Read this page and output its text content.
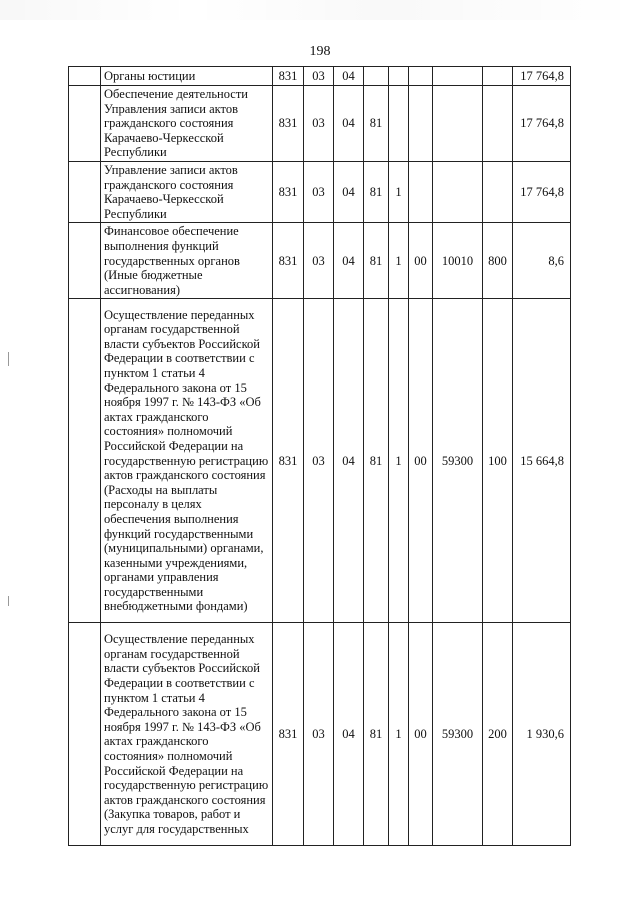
198
	Органы юстиции	831	03	04						17 764,8
	Обеспечение деятельности Управления записи актов гражданского состояния Карачаево-Черкесской Республики	831	03	04	81					17 764,8
	Управление записи актов гражданского состояния Карачаево-Черкесской Республики	831	03	04	81	1				17 764,8
	Финансовое обеспечение выполнения функций государственных органов (Иные бюджетные ассигнования)	831	03	04	81	1	00	10010	800	8,6
	Осуществление переданных органам государственной власти субъектов Российской Федерации в соответствии с пунктом 1 статьи 4 Федерального закона от 15 ноября 1997 г. № 143-ФЗ «Об актах гражданского состояния» полномочий Российской Федерации на государственную регистрацию актов гражданского состояния (Расходы на выплаты персоналу в целях обеспечения выполнения функций государственными (муниципальными) органами, казенными учреждениями, органами управления государственными внебюджетными фондами)	831	03	04	81	1	00	59300	100	15 664,8
	Осуществление переданных органам государственной власти субъектов Российской Федерации в соответствии с пунктом 1 статьи 4 Федерального закона от 15 ноября 1997 г. № 143-ФЗ «Об актах гражданского состояния» полномочий Российской Федерации на государственную регистрацию актов гражданского состояния (Закупка товаров, работ и услуг для государственных	831	03	04	81	1	00	59300	200	1 930,6
